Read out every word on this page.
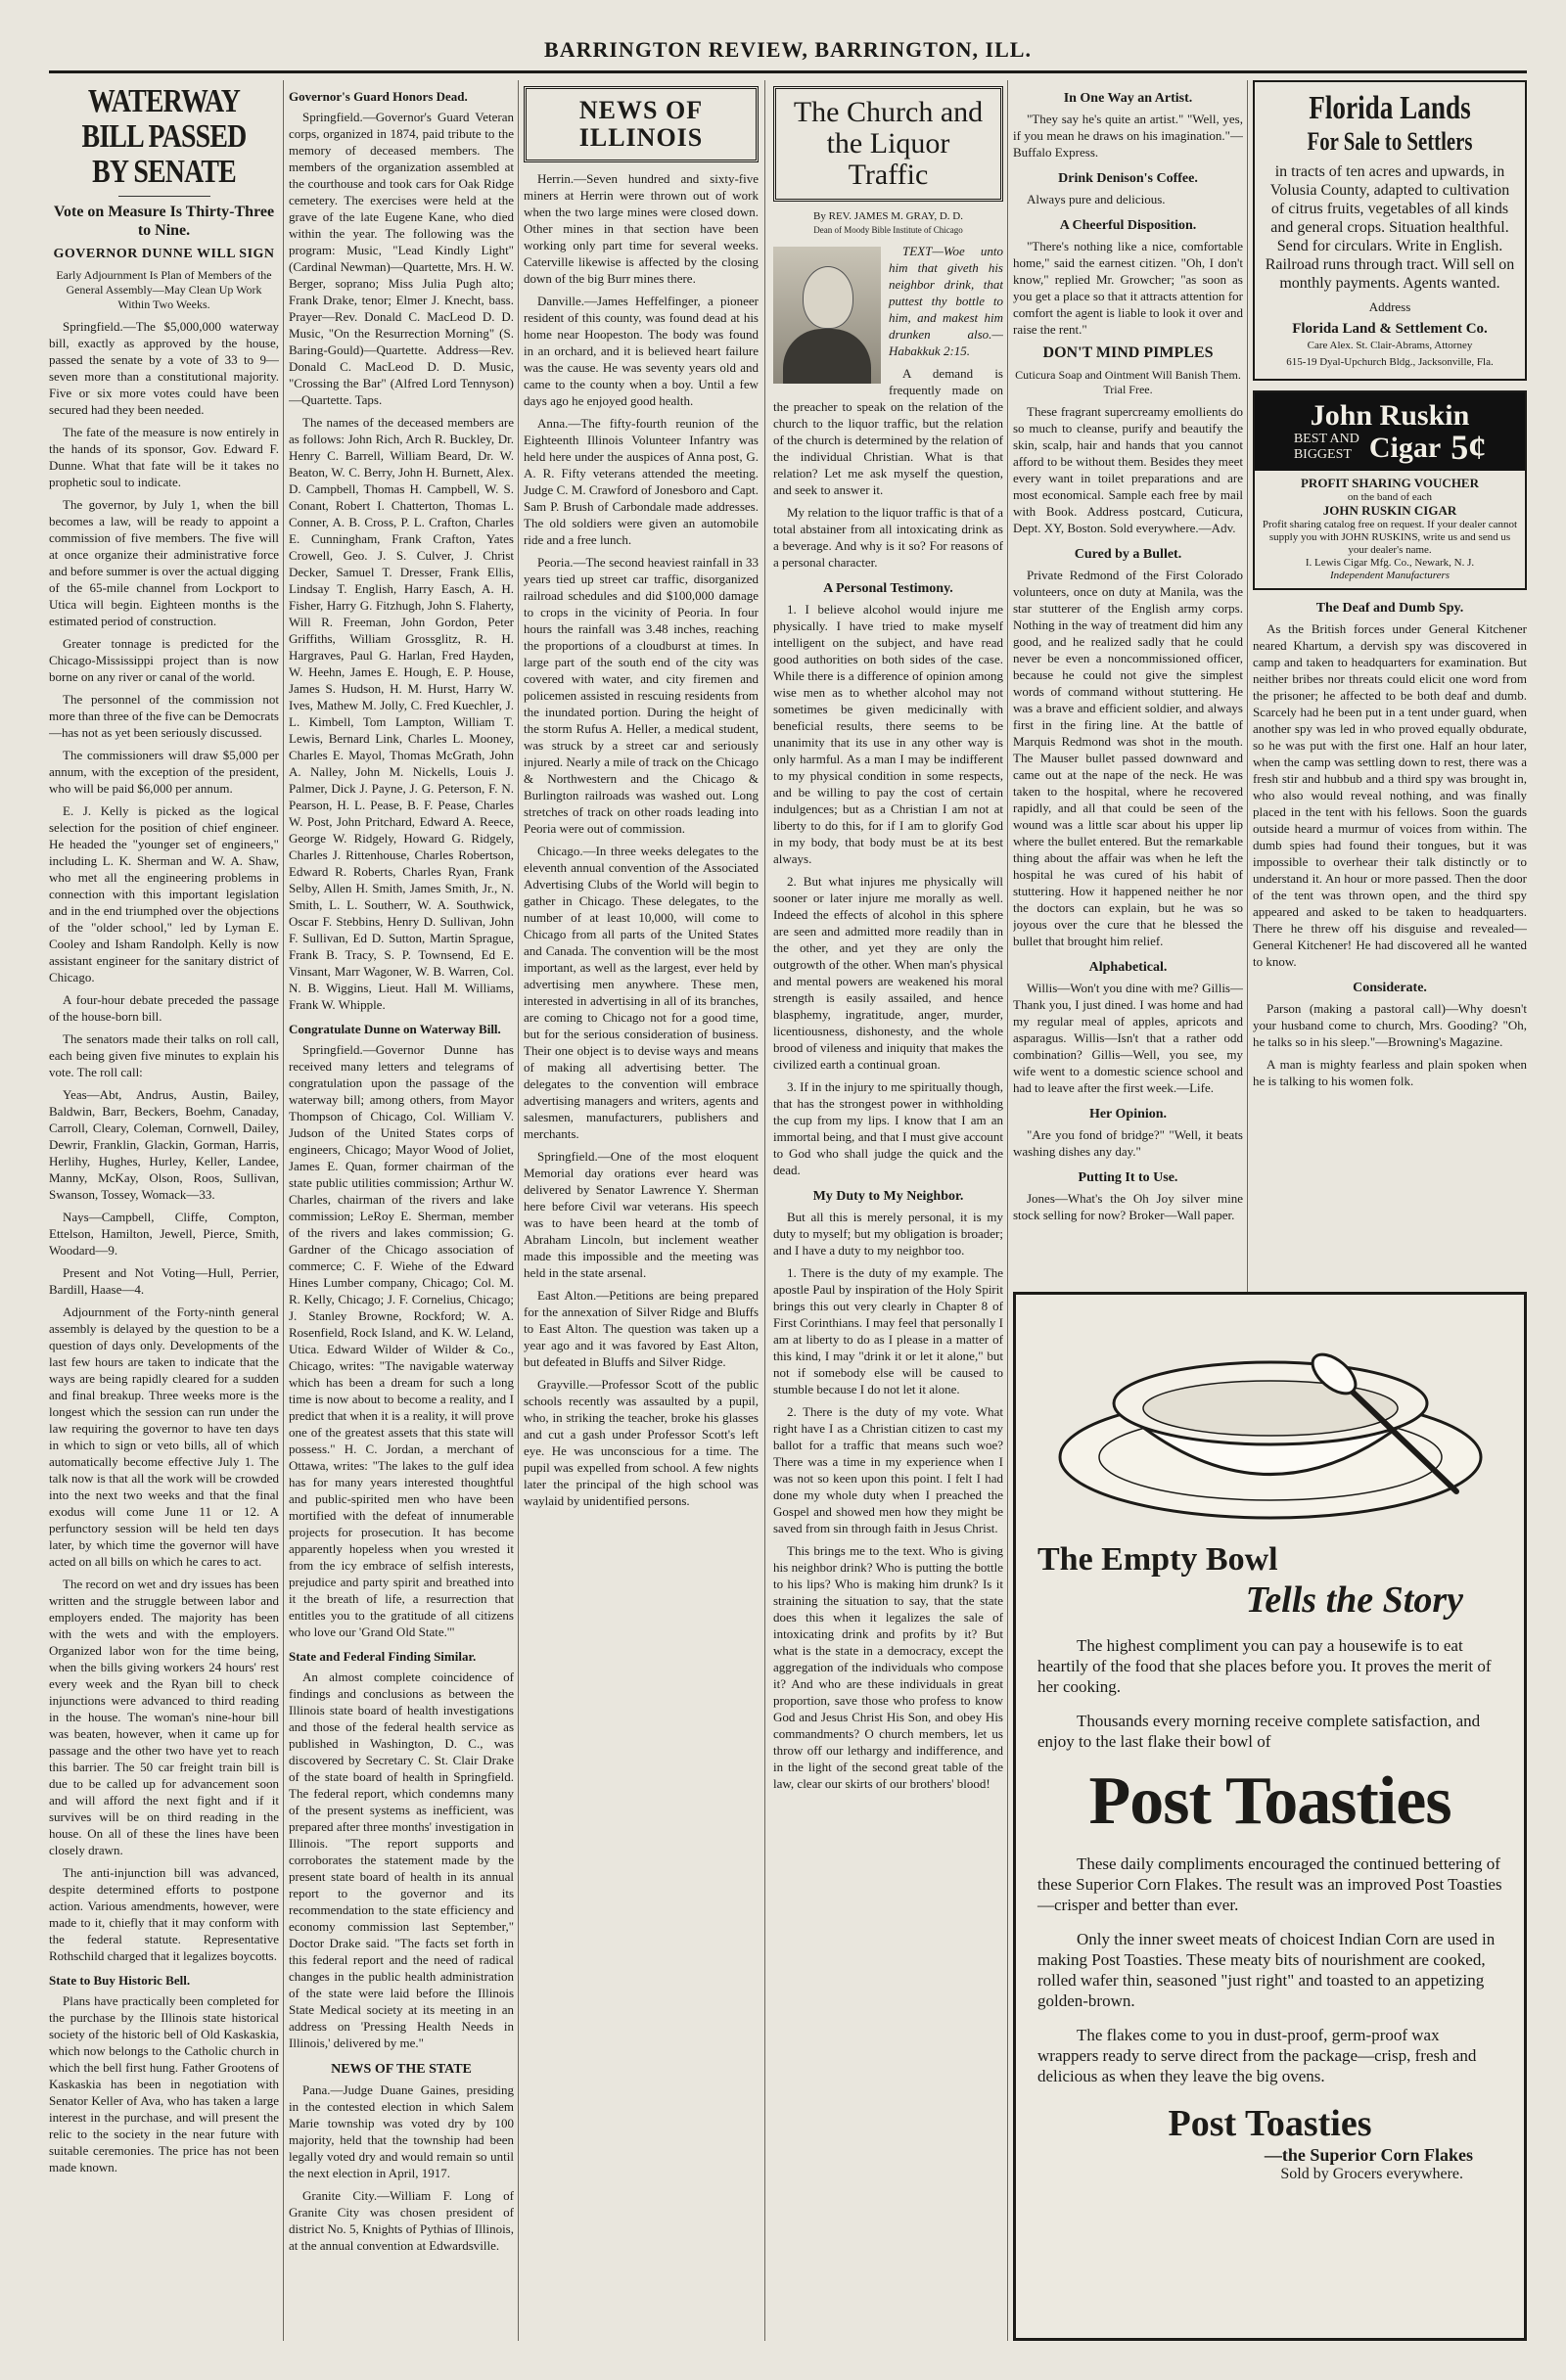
BARRINGTON REVIEW, BARRINGTON, ILL.
WATERWAY BILL PASSED BY SENATE
Vote on Measure Is Thirty-Three to Nine.
GOVERNOR DUNNE WILL SIGN
Early Adjournment Is Plan of Members of the General Assembly—May Clean Up Work Within Two Weeks.

Springfield.—The $5,000,000 waterway bill, exactly as approved by the house, passed the senate by a vote of 33 to 9—seven more than a constitutional majority. Five or six more votes could have been secured had they been needed.

The fate of the measure is now entirely in the hands of its sponsor, Gov. Edward F. Dunne. What that fate will be it takes no prophetic soul to indicate.

The governor, by July 1, when the bill becomes a law, will be ready to appoint a commission of five members. The five will at once organize their administrative force and before summer is over the actual digging of the 65-mile channel from Lockport to Utica will begin. Eighteen months is the estimated period of construction.

Greater tonnage is predicted for the Chicago-Mississippi project than is now borne on any river or canal of the world.

The personnel of the commission not more than three of the five can be Democrats—has not as yet been seriously discussed.

The commissioners will draw $5,000 per annum, with the exception of the president, who will be paid $6,000 per annum.

E. J. Kelly is picked as the logical selection for the position of chief engineer. He headed the "younger set of engineers," including L. K. Sherman and W. A. Shaw, who met all the engineering problems in connection with this important legislation and in the end triumphed over the objections of the "older school," led by Lyman E. Cooley and Isham Randolph. Kelly is now assistant engineer for the sanitary district of Chicago.

A four-hour debate preceded the passage of the house-born bill.

The senators made their talks on roll call, each being given five minutes to explain his vote. The roll call:

Yeas—Abt, Andrus, Austin, Bailey, Baldwin, Barr, Beckers, Boehm, Canaday, Carroll, Cleary, Coleman, Cornwell, Dailey, Dewrir, Franklin, Glackin, Gorman, Harris, Herlihy, Hughes, Hurley, Keller, Landee, Manny, McKay, Olson, Roos, Sullivan, Swanson, Tossey, Womack—33.

Nays—Campbell, Cliffe, Compton, Ettelson, Hamilton, Jewell, Pierce, Smith, Woodard—9.

Present and Not Voting—Hull, Perrier, Bardill, Haase—4.

Adjournment of the Forty-ninth general assembly is delayed by the question to be a question of days only. Developments of the last few hours are taken to indicate that the ways are being rapidly cleared for a sudden and final breakup. Three weeks more is the longest which the session can run under the law requiring the governor to have ten days in which to sign or veto bills, all of which automatically become effective July 1. The talk now is that all the work will be crowded into the next two weeks and that the final exodus will come June 11 or 12. A perfunctory session will be held ten days later, by which time the governor will have acted on all bills on which he cares to act.

The record on wet and dry issues has been written and the struggle between labor and employers ended. The majority has been with the wets and with the employers. Organized labor won for the time being, when the bills giving workers 24 hours' rest every week and the Ryan bill to check injunctions were advanced to third reading in the house. The woman's nine-hour bill was beaten, however, when it came up for passage and the other two have yet to reach this barrier. The 50 car freight train bill is due to be called up for advancement soon and will afford the next fight and if it survives will be on third reading in the house. On all of these the lines have been closely drawn.

The anti-injunction bill was advanced, despite determined efforts to postpone action. Various amendments, however, were made to it, chiefly that it may conform with the federal statute. Representative Rothschild charged that it legalizes boycotts.

State to Buy Historic Bell.

Plans have practically been completed for the purchase by the Illinois state historical society of the historic bell of Old Kaskaskia, which now belongs to the Catholic church in which the bell first hung. Father Grootens of Kaskaskia has been in negotiation with Senator Keller of Ava, who has taken a large interest in the purchase, and will present the relic to the society in the near future with suitable ceremonies. The price has not been made known.

Governor's Guard Honors Dead.

Springfield.—Governor's Guard Veteran corps, organized in 1874, paid tribute to the memory of deceased members. The members of the organization assembled at the courthouse and took cars for Oak Ridge cemetery. The exercises were held at the grave of the late Eugene Kane, who died within the year. The following was the program: Music, "Lead Kindly Light" (Cardinal Newman)—Quartette, Mrs. H. W. Berger, soprano; Miss Julia Pugh alto; Frank Drake, tenor; Elmer J. Knecht, bass. Prayer—Rev. Donald C. MacLeod D. D. Music, "On the Resurrection Morning" (S. Baring-Gould)—Quartette. Address—Rev. Donald C. MacLeod D. D. Music, "Crossing the Bar" (Alfred Lord Tennyson)—Quartette. Taps.

The names of the deceased members are as follows: John Rich, Arch R. Buckley, Dr. Henry C. Barrell, William Beard, Dr. W. Beaton, W. C. Berry, John H. Burnett, Alex. D. Campbell, Thomas H. Campbell, W. S. Conant, Robert I. Chatterton, Thomas L. Conner, A. B. Cross, P. L. Crafton, Charles E. Cunningham, Frank Crafton, Yates Crowell, Geo. J. S. Culver, J. Christ Decker, Samuel T. Dresser, Frank Ellis, Lindsay T. English, Harry Easch, A. H. Fisher, Harry G. Fitzhugh, John S. Flaherty, Will R. Freeman, John Gordon, Peter Griffiths, William Grossglitz, R. H. Hargraves, Paul G. Harlan, Fred Hayden, W. Heehn, James E. Hough, E. P. House, James S. Hudson, H. M. Hurst, Harry W. Ives, Mathew M. Jolly, C. Fred Kuechler, J. L. Kimbell, Tom Lampton, William T. Lewis, Bernard Link, Charles L. Mooney, Charles E. Mayol, Thomas McGrath, John A. Nalley, John M. Nickells, Louis J. Palmer, Dick J. Payne, J. G. Peterson, F. N. Pearson, H. L. Pease, B. F. Pease, Charles W. Post, John Pritchard, Edward A. Reece, George W. Ridgely, Howard G. Ridgely, Charles J. Rittenhouse, Charles Robertson, Edward R. Roberts, Charles Ryan, Frank Selby, Allen H. Smith, James Smith, Jr., N. Smith, L. L. Southerr, W. A. Southwick, Oscar F. Stebbins, Henry D. Sullivan, John F. Sullivan, Ed D. Sutton, Martin Sprague, Frank B. Tracy, S. P. Townsend, Ed E. Vinsant, Marr Wagoner, W. B. Warren, Col. N. B. Wiggins, Lieut. Hall M. Williams, Frank W. Whipple.

Congratulate Dunne on Waterway Bill.

Springfield.—Governor Dunne has received many letters and telegrams of congratulation upon the passage of the waterway bill; among others, from Mayor Thompson of Chicago, Col. William V. Judson of the United States corps of engineers, Chicago; Mayor Wood of Joliet, James E. Quan, former chairman of the state public utilities commission; Arthur W. Charles, chairman of the rivers and lake commission; LeRoy E. Sherman, member of the rivers and lakes commission; G. Gardner of the Chicago association of commerce; C. F. Wiehe of the Edward Hines Lumber company, Chicago; Col. M. R. Kelly, Chicago; J. F. Cornelius, Chicago; J. Stanley Browne, Rockford; W. A. Rosenfield, Rock Island, and K. W. Leland, Utica. Edward Wilder of Wilder & Co., Chicago, writes: "The navigable waterway which has been a dream for such a long time is now about to become a reality, and I predict that when it is a reality, it will prove one of the greatest assets that this state will possess." H. C. Jordan, a merchant of Ottawa, writes: "The lakes to the gulf idea has for many years interested thoughtful and public-spirited men who have been mortified with the defeat of innumerable projects for prosecution. It has become apparently hopeless when you wrested it from the icy embrace of selfish interests, prejudice and party spirit and breathed into it the breath of life, a resurrection that entitles you to the gratitude of all citizens who love our 'Grand Old State.'"

State and Federal Finding Similar.

An almost complete coincidence of findings and conclusions as between the Illinois state board of health investigations and those of the federal health service as published in Washington, D. C., was discovered by Secretary C. St. Clair Drake of the state board of health in Springfield. The federal report, which condemns many of the present systems as inefficient, was prepared after three months' investigation in Illinois. "The report supports and corroborates the statement made by the present state board of health in its annual report to the governor and its recommendation to the state efficiency and economy commission last September," Doctor Drake said. "The facts set forth in this federal report and the need of radical changes in the public health administration of the state were laid before the Illinois State Medical society at its meeting in an address on 'Pressing Health Needs in Illinois,' delivered by me."

NEWS OF THE STATE

Pana.—Judge Duane Gaines, presiding in the contested election in which Salem Marie township was voted dry by 100 majority, held that the township had been legally voted dry and would remain so until the next election in April, 1917.

Granite City.—William F. Long of Granite City was chosen president of district No. 5, Knights of Pythias of Illinois, at the annual convention at Edwardsville.

NEWS OF ILLINOIS

Herrin.—Seven hundred and sixty-five miners at Herrin were thrown out of work when the two large mines were closed down. Other mines in that section have been working only part time for several weeks. Caterville likewise is affected by the closing down of the big Burr mines there.

Danville.—James Heffelfinger, a pioneer resident of this county, was found dead at his home near Hoopeston. The body was found in an orchard, and it is believed heart failure was the cause. He was seventy years old and came to the county when a boy. Until a few days ago he enjoyed good health.

Anna.—The fifty-fourth reunion of the Eighteenth Illinois Volunteer Infantry was held here under the auspices of Anna post, G. A. R. Fifty veterans attended the meeting. Judge C. M. Crawford of Jonesboro and Capt. Sam P. Brush of Carbondale made addresses. The old soldiers were given an automobile ride and a free lunch.

Peoria.—The second heaviest rainfall in 33 years tied up street car traffic, disorganized railroad schedules and did $100,000 damage to crops in the vicinity of Peoria. In four hours the rainfall was 3.48 inches, reaching the proportions of a cloudburst at times. In large part of the south end of the city was covered with water, and city firemen and policemen assisted in rescuing residents from the inundated portion. During the height of the storm Rufus A. Heller, a medical student, was struck by a street car and seriously injured. Nearly a mile of track on the Chicago & Northwestern and the Chicago & Burlington railroads was washed out. Long stretches of track on other roads leading into Peoria were out of commission.

Chicago.—In three weeks delegates to the eleventh annual convention of the Associated Advertising Clubs of the World will begin to gather in Chicago. These delegates, to the number of at least 10,000, will come to Chicago from all parts of the United States and Canada. The convention will be the most important, as well as the largest, ever held by advertising men anywhere. These men, interested in advertising in all of its branches, are coming to Chicago not for a good time, but for the serious consideration of business. Their one object is to devise ways and means of making all advertising better. The delegates to the convention will embrace advertising managers and writers, agents and salesmen, manufacturers, publishers and merchants.

Springfield.—One of the most eloquent Memorial day orations ever heard was delivered by Senator Lawrence Y. Sherman here before Civil war veterans. His speech was to have been heard at the tomb of Abraham Lincoln, but inclement weather made this impossible and the meeting was held in the state arsenal.

East Alton.—Petitions are being prepared for the annexation of Silver Ridge and Bluffs to East Alton. The question was taken up a year ago and it was favored by East Alton, but defeated in Bluffs and Silver Ridge.

Grayville.—Professor Scott of the public schools recently was assaulted by a pupil, who, in striking the teacher, broke his glasses and cut a gash under Professor Scott's left eye. He was unconscious for a time. The pupil was expelled from school. A few nights later the principal of the high school was waylaid by unidentified persons.

The Church and the Liquor Traffic
By REV. JAMES M. GRAY, D. D.
Dean of Moody Bible Institute of Chicago

TEXT—Woe unto him that giveth his neighbor drink, that puttest thy bottle to him, and makest him drunken also.—Habakkuk 2:15.

A demand is frequently made on the preacher to speak on the relation of the church to the liquor traffic, but the relation of the church is determined by the relation of the individual Christian. What is that relation? Let me ask myself the question, and seek to answer it.

My relation to the liquor traffic is that of a total abstainer from all intoxicating drink as a beverage. And why is it so? For reasons of a personal character.

A Personal Testimony.

1. I believe alcohol would injure me physically. I have tried to make myself intelligent on the subject, and have read good authorities on both sides of the case. While there is a difference of opinion among wise men as to whether alcohol may not sometimes be given medicinally with beneficial results, there seems to be unanimity that its use in any other way is only harmful. As a man I may be indifferent to my physical condition in some respects, and be willing to pay the cost of certain indulgences; but as a Christian I am not at liberty to do this, for if I am to glorify God in my body, that body must be at its best always.

2. But what injures me physically will sooner or later injure me morally as well. Indeed the effects of alcohol in this sphere are seen and admitted more readily than in the other, and yet they are only the outgrowth of the other. When man's physical and mental powers are weakened his moral strength is easily assailed, and hence blasphemy, ingratitude, anger, murder, licentiousness, dishonesty, and the whole brood of vileness and iniquity that makes the civilized earth a continual groan.

3. If in the injury to me spiritually though, that has the strongest power in withholding the cup from my lips. I know that I am an immortal being, and that I must give account to God who shall judge the quick and the dead.

My Duty to My Neighbor.

But all this is merely personal, it is my duty to myself; but my obligation is broader; and I have a duty to my neighbor too.

1. There is the duty of my example. The apostle Paul by inspiration of the Holy Spirit brings this out very clearly in Chapter 8 of First Corinthians. I may feel that personally I am at liberty to do as I please in a matter of this kind, I may "drink it or let it alone," but not if somebody else will be caused to stumble because I do not let it alone.

2. There is the duty of my vote. What right have I as a Christian citizen to cast my ballot for a traffic that means such woe? There was a time in my experience when I was not so keen upon this point. I felt I had done my whole duty when I preached the Gospel and showed men how they might be saved from sin through faith in Jesus Christ.

This brings me to the text. Who is giving his neighbor drink? Who is putting the bottle to his lips? Who is making him drunk? Is it straining the situation to say, that the state does this when it legalizes the sale of intoxicating drink and profits by it? But what is the state in a democracy, except the aggregation of the individuals who compose it? And who are these individuals in great proportion, save those who profess to know God and Jesus Christ His Son, and obey His commandments? O church members, let us throw off our lethargy and indifference, and in the light of the second great table of the law, clear our skirts of our brothers' blood!

In One Way an Artist.

"They say he's quite an artist." "Well, yes, if you mean he draws on his imagination."—Buffalo Express.

Drink Denison's Coffee.

Always pure and delicious.

A Cheerful Disposition.

"There's nothing like a nice, comfortable home," said the earnest citizen. "Oh, I don't know," replied Mr. Growcher; "as soon as you get a place so that it attracts attention for comfort the agent is liable to look it over and raise the rent."

DON'T MIND PIMPLES
Cuticura Soap and Ointment Will Banish Them. Trial Free.

These fragrant supercreamy emollients do so much to cleanse, purify and beautify the skin, scalp, hair and hands that you cannot afford to be without them. Besides they meet every want in toilet preparations and are most economical. Sample each free by mail with Book. Address postcard, Cuticura, Dept. XY, Boston. Sold everywhere.—Adv.

Cured by a Bullet.

Private Redmond of the First Colorado volunteers, once on duty at Manila, was the star stutterer of the English army corps. Nothing in the way of treatment did him any good, and he realized sadly that he could never be even a noncommissioned officer, because he could not give the simplest words of command without stuttering. He was a brave and efficient soldier, and always first in the firing line. At the battle of Marquis Redmond was shot in the mouth. The Mauser bullet passed downward and came out at the nape of the neck. He was taken to the hospital, where he recovered rapidly, and all that could be seen of the wound was a little scar about his upper lip where the bullet entered. But the remarkable thing about the affair was when he left the hospital he was cured of his habit of stuttering. How it happened neither he nor the doctors can explain, but he was so joyous over the cure that he blessed the bullet that brought him relief.

Alphabetical.

Willis—Won't you dine with me? Gillis—Thank you, I just dined. I was home and had my regular meal of apples, apricots and asparagus. Willis—Isn't that a rather odd combination? Gillis—Well, you see, my wife went to a domestic science school and had to leave after the first week.—Life.

Her Opinion.

"Are you fond of bridge?" "Well, it beats washing dishes any day."

Putting It to Use.

Jones—What's the Oh Joy silver mine stock selling for now? Broker—Wall paper.

Florida Lands
For Sale to Settlers
in tracts of ten acres and upwards, in Volusia County, adapted to cultivation of citrus fruits, vegetables of all kinds and general crops. Situation healthful. Send for circulars. Write in English. Railroad runs through tract. Will sell on monthly payments. Agents wanted.
Address
Florida Land & Settlement Co.
Care Alex. St. Clair-Abrams, Attorney
615-19 Dyal-Upchurch Bldg., Jacksonville, Fla.
John Ruskin
BEST AND
BIGGEST Cigar 5¢
PROFIT SHARING VOUCHER
on the band of each
JOHN RUSKIN CIGAR
Profit sharing catalog free on request. If your dealer cannot supply you with JOHN RUSKINS, write us and send us your dealer's name.
I. Lewis Cigar Mfg. Co., Newark, N. J.
Independent Manufacturers
The Deaf and Dumb Spy.

As the British forces under General Kitchener neared Khartum, a dervish spy was discovered in camp and taken to headquarters for examination. But neither bribes nor threats could elicit one word from the prisoner; he affected to be both deaf and dumb. Scarcely had he been put in a tent under guard, when another spy was led in who proved equally obdurate, so he was put with the first one. Half an hour later, when the camp was settling down to rest, there was a fresh stir and hubbub and a third spy was brought in, who also would reveal nothing, and was finally placed in the tent with his fellows. Soon the guards outside heard a murmur of voices from within. The dumb spies had found their tongues, but it was impossible to overhear their talk distinctly or to understand it. An hour or more passed. Then the door of the tent was thrown open, and the third spy appeared and asked to be taken to headquarters. There he threw off his disguise and revealed—General Kitchener! He had discovered all he wanted to know.

Considerate.

Parson (making a pastoral call)—Why doesn't your husband come to church, Mrs. Gooding? "Oh, he talks so in his sleep."—Browning's Magazine.

A man is mighty fearless and plain spoken when he is talking to his women folk.

The Empty Bowl
Tells the Story
The highest compliment you can pay a housewife is to eat heartily of the food that she places before you. It proves the merit of her cooking.
Thousands every morning receive complete satisfaction, and enjoy to the last flake their bowl of
Post Toasties
These daily compliments encouraged the continued bettering of these Superior Corn Flakes. The result was an improved Post Toasties—crisper and better than ever.
Only the inner sweet meats of choicest Indian Corn are used in making Post Toasties. These meaty bits of nourishment are cooked, rolled wafer thin, seasoned "just right" and toasted to an appetizing golden-brown.
The flakes come to you in dust-proof, germ-proof wax wrappers ready to serve direct from the package—crisp, fresh and delicious as when they leave the big ovens.
Post Toasties
—the Superior Corn Flakes
Sold by Grocers everywhere.
